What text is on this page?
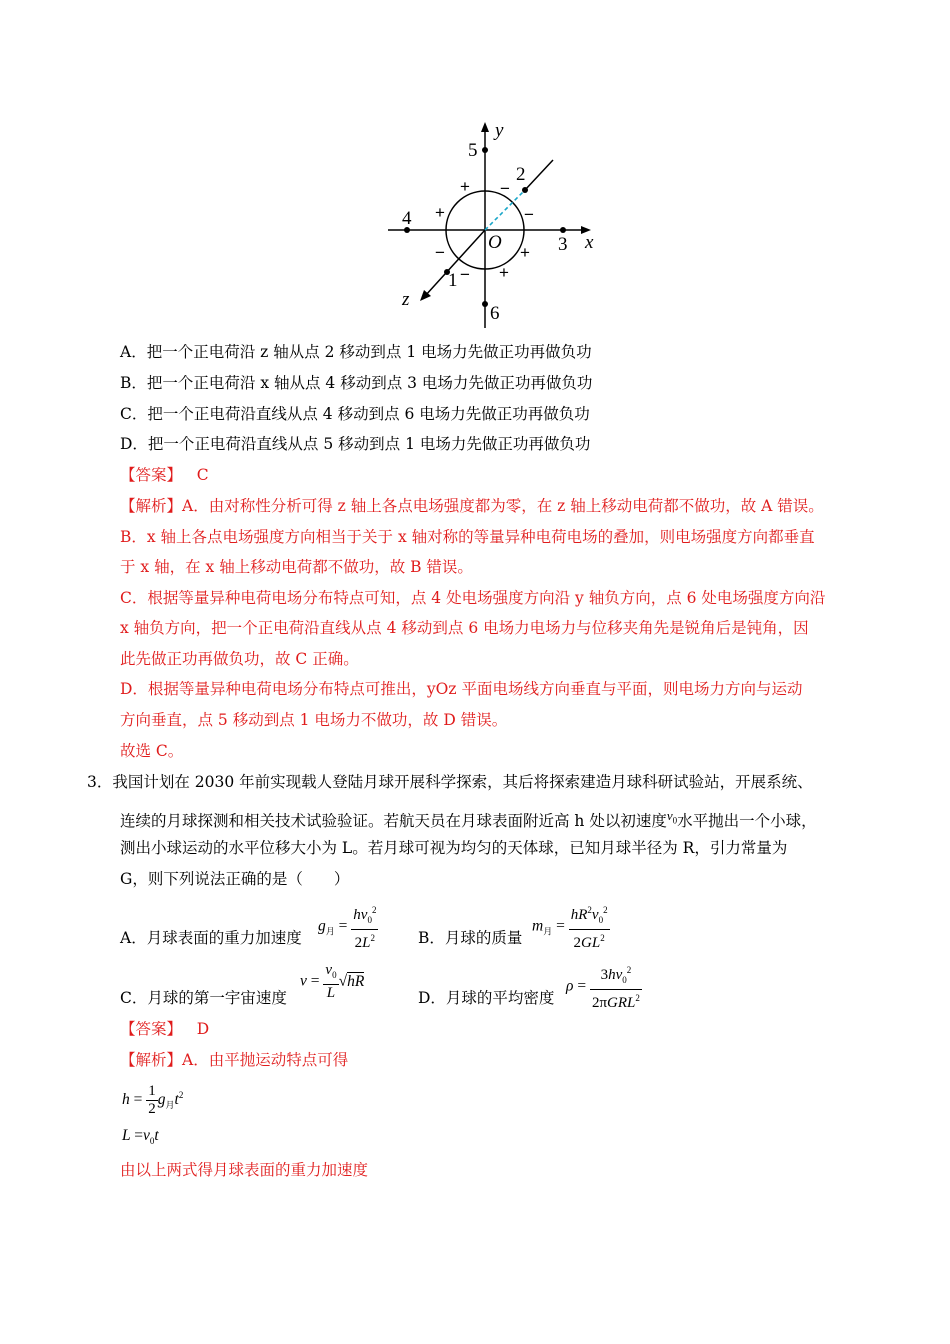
y
x
z
O
1
2
3
4
5
6
+ −
+
−
−
+
− +
A．把一个正电荷沿 z 轴从点 2 移动到点 1 电场力先做正功再做负功
B．把一个正电荷沿 x 轴从点 4 移动到点 3 电场力先做正功再做负功
C．把一个正电荷沿直线从点 4 移动到点 6 电场力先做正功再做负功
D．把一个正电荷沿直线从点 5 移动到点 1 电场力先做正功再做负功
【答案】 C
【解析】A．由对称性分析可得 z 轴上各点电场强度都为零，在 z 轴上移动电荷都不做功，故 A 错误。
B．x 轴上各点电场强度方向相当于关于 x 轴对称的等量异种电荷电场的叠加，则电场强度方向都垂直
于 x 轴，在 x 轴上移动电荷都不做功，故 B 错误。
C．根据等量异种电荷电场分布特点可知，点 4 处电场强度方向沿 y 轴负方向，点 6 处电场强度方向沿
x 轴负方向，把一个正电荷沿直线从点 4 移动到点 6 电场力电场力与位移夹角先是锐角后是钝角，因
此先做正功再做负功，故 C 正确。
D．根据等量异种电荷电场分布特点可推出，yOz 平面电场线方向垂直与平面，则电场力方向与运动
方向垂直，点 5 移动到点 1 电场力不做功，故 D 错误。
故选 C。
3．我国计划在 2030 年前实现载人登陆月球开展科学探索，其后将探索建造月球科研试验站，开展系统、
连续的月球探测和相关技术试验验证。若航天员在月球表面附近高 h 处以初速度$^{v_0}$水平抛出一个小球，
测出小球运动的水平位移大小为 L。若月球可视为均匀的天体球，已知月球半径为 R，引力常量为
G，则下列说法正确的是（　　）
A．月球表面的重力加速度
$g_月 = \frac{hv_0^2}{2L^2}$	B．月球的质量
$m_月 = \frac{hR^2v_0^2}{2GL^2}$
C．月球的第一宇宙速度
$v = \frac{v_0}{L} √hR$
D．月球的平均密度
$\rho = \frac{3hv_0^2}{2\pi GRL^2}$
【答案】 D
【解析】A．由平抛运动特点可得
$h = \frac{1}{2} g_月t^2$
$L =v_0t$
由以上两式得月球表面的重力加速度
